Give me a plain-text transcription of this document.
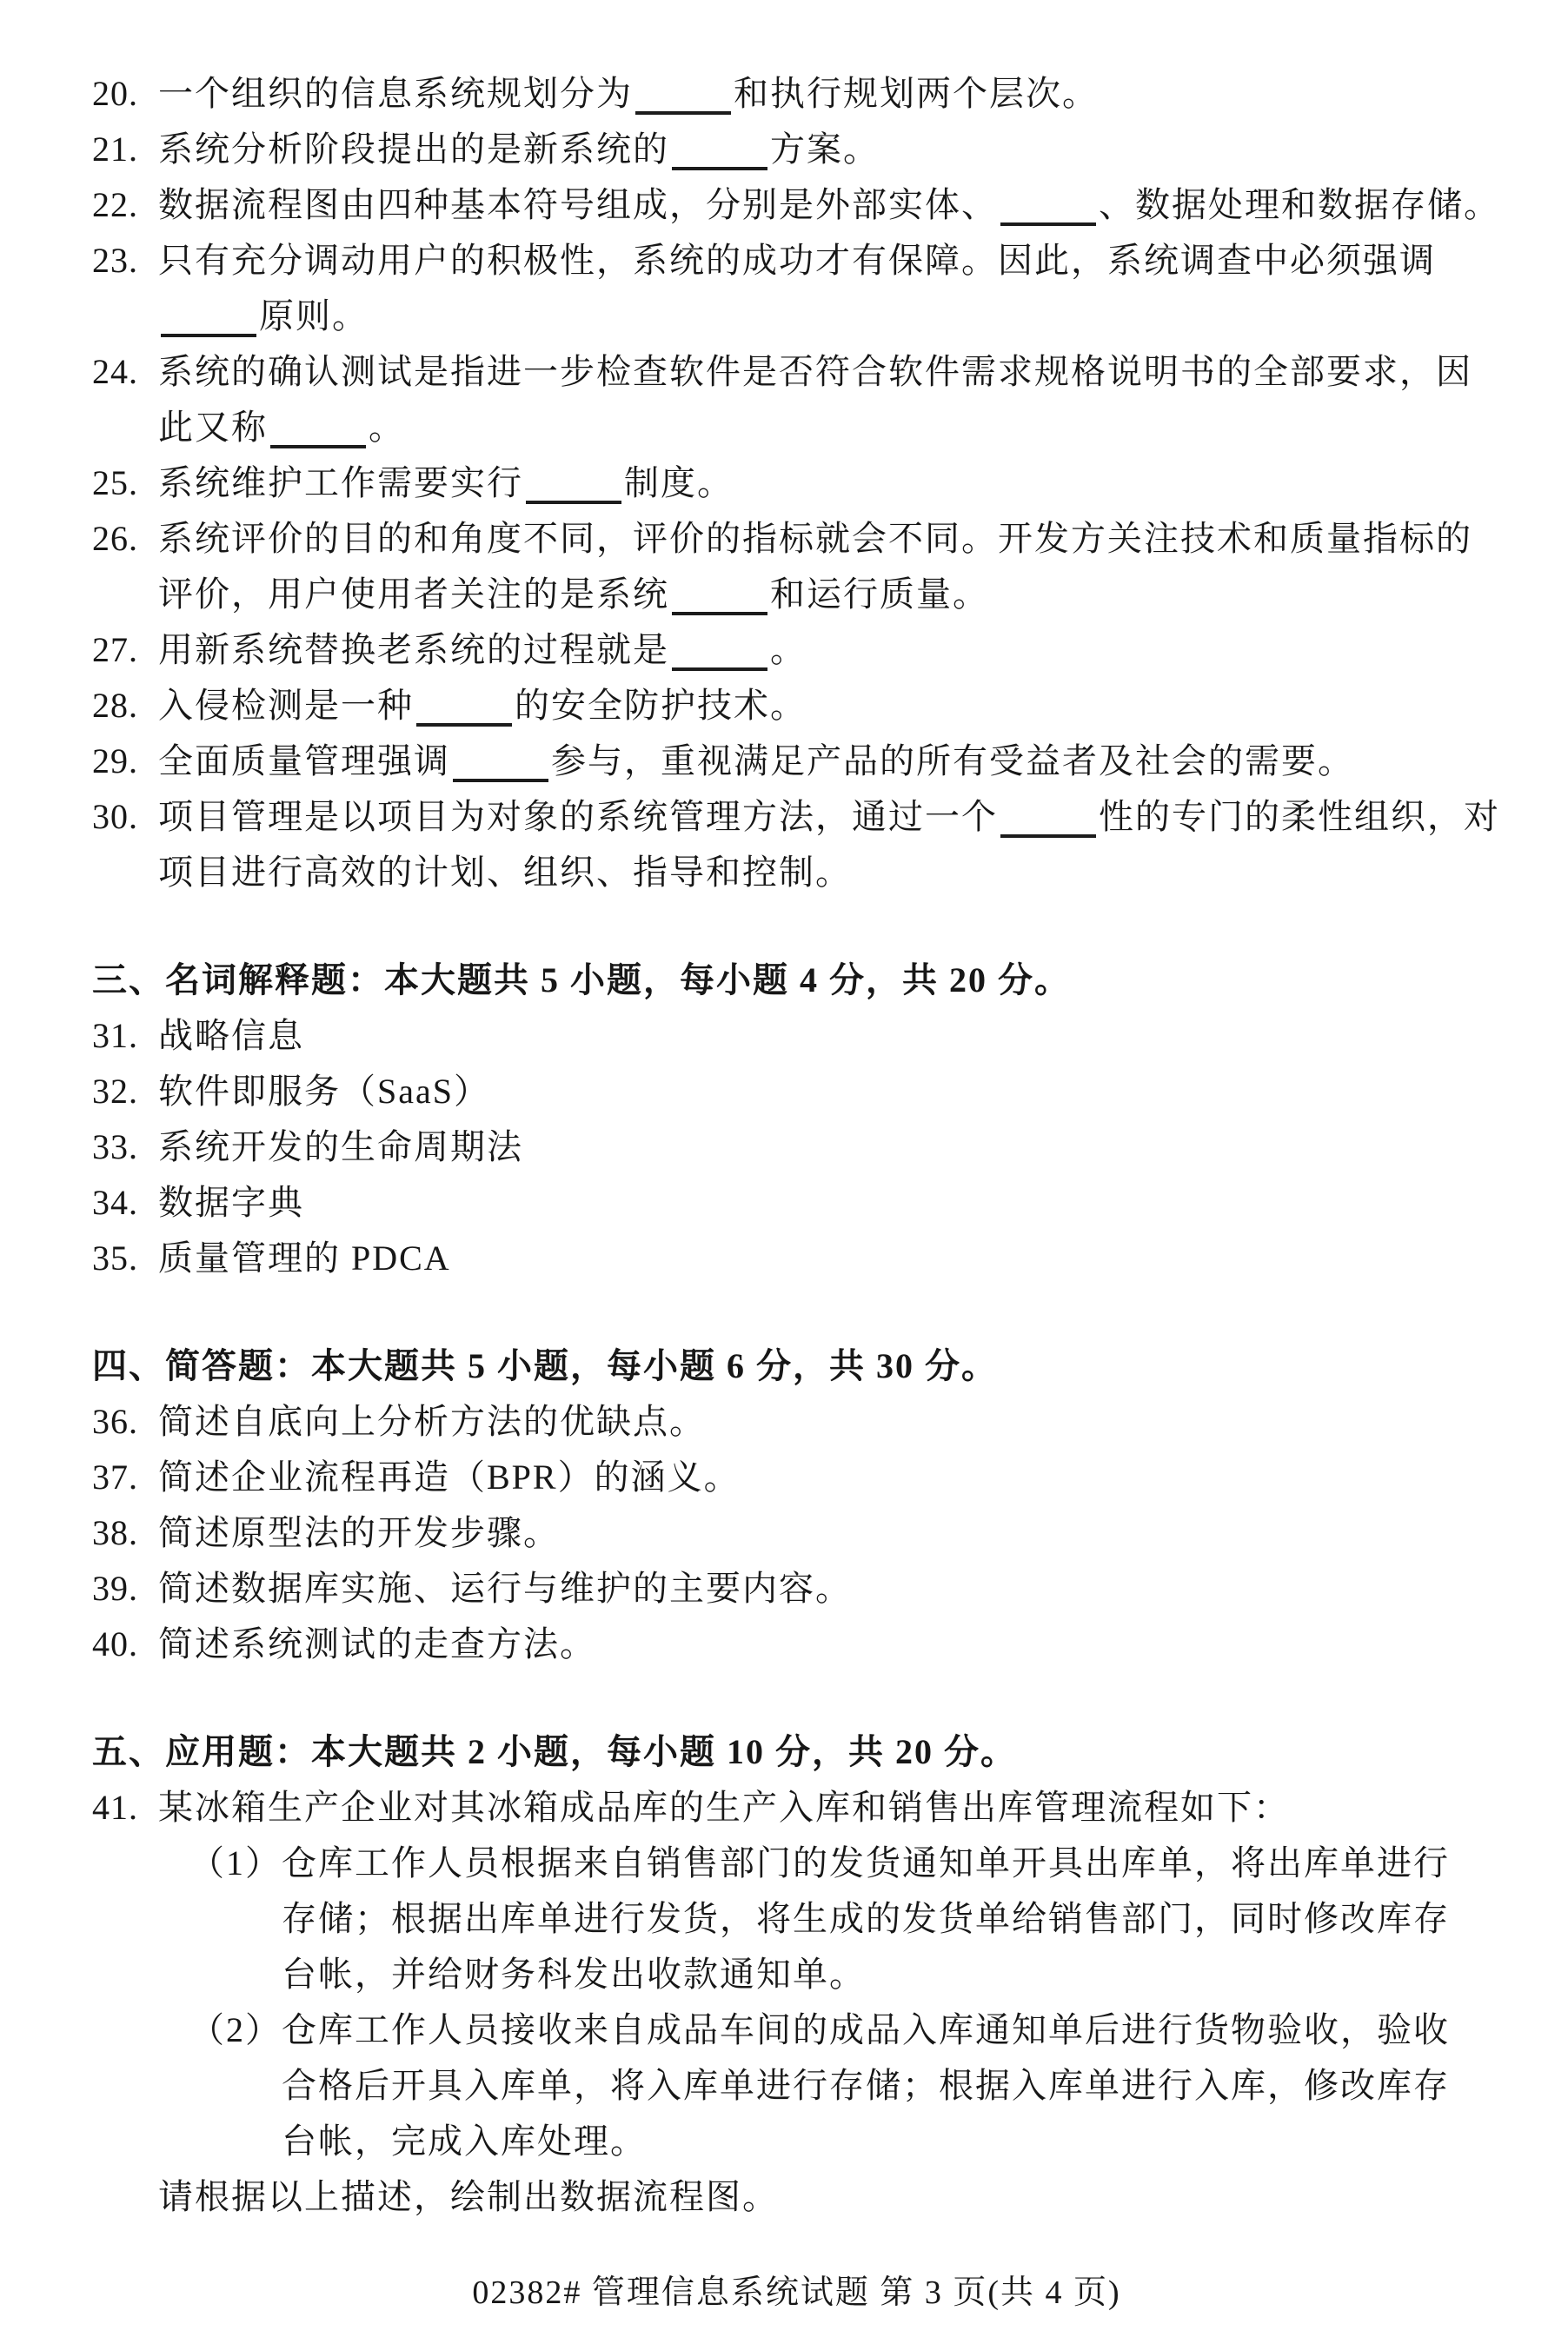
20. 一个组织的信息系统规划分为	和执行规划两个层次。
21. 系统分析阶段提出的是新系统的	方案。
22. 数据流程图由四种基本符号组成，分别是外部实体、	、数据处理和数据存储。
23. 只有充分调动用户的积极性，系统的成功才有保障。因此，系统调查中必须强调原则。
24. 系统的确认测试是指进一步检查软件是否符合软件需求规格说明书的全部要求，因此又称	。
25. 系统维护工作需要实行	制度。
26. 系统评价的目的和角度不同，评价的指标就会不同。开发方关注技术和质量指标的评价，用户使用者关注的是系统	和运行质量。
27. 用新系统替换老系统的过程就是	。
28. 入侵检测是一种	的安全防护技术。
29. 全面质量管理强调	参与，重视满足产品的所有受益者及社会的需要。
30. 项目管理是以项目为对象的系统管理方法，通过一个	性的专门的柔性组织，对项目进行高效的计划、组织、指导和控制。
三、名词解释题：本大题共 5 小题，每小题 4 分，共 20 分。
31. 战略信息
32. 软件即服务（SaaS）
33. 系统开发的生命周期法
34. 数据字典
35. 质量管理的 PDCA
四、简答题：本大题共 5 小题，每小题 6 分，共 30 分。
36. 简述自底向上分析方法的优缺点。
37. 简述企业流程再造（BPR）的涵义。
38. 简述原型法的开发步骤。
39. 简述数据库实施、运行与维护的主要内容。
40. 简述系统测试的走查方法。
五、应用题：本大题共 2 小题，每小题 10 分，共 20 分。
41. 某冰箱生产企业对其冰箱成品库的生产入库和销售出库管理流程如下：
（1） 仓库工作人员根据来自销售部门的发货通知单开具出库单，将出库单进行存储；根据出库单进行发货，将生成的发货单给销售部门，同时修改库存台帐，并给财务科发出收款通知单。
（2） 仓库工作人员接收来自成品车间的成品入库通知单后进行货物验收，验收合格后开具入库单，将入库单进行存储；根据入库单进行入库，修改库存台帐，完成入库处理。
请根据以上描述，绘制出数据流程图。
02382# 管理信息系统试题 第 3 页(共 4 页)
